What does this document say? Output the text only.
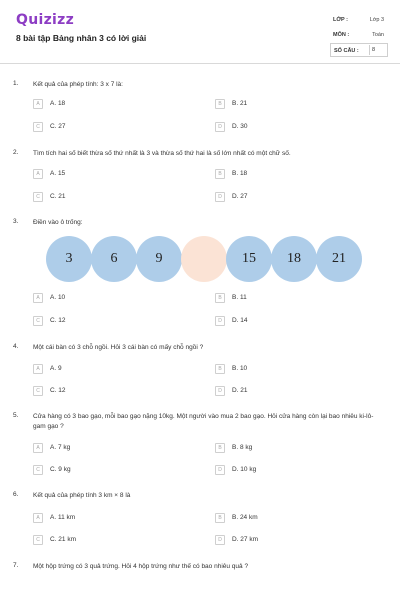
Quizizz
8 bài tập Bảng nhân 3 có lời giải
LỚP :	Lớp 3
MÔN :	Toán
SỐ CÂU : 8
1. Kết quả của phép tính: 3 x 7 là:
A	A. 18	B	B. 21
C	C. 27	D	D. 30
2. Tìm tích hai số biết thừa số thứ nhất là 3 và thừa số thứ hai là số lớn nhất có một chữ số.
A	A. 15	B	B. 18
C	C. 21	D	D. 27
3. Điền vào ô trống:
A	A. 10	B	B. 11
C	C. 12	D	D. 14
3	6	9	15	18	21
4. Một cái bàn có 3 chỗ ngồi. Hỏi 3 cái bàn có mấy chỗ ngồi ?
A	A. 9	B	B. 10
C	C. 12	D	D. 21
5. Cửa hàng có 3 bao gạo, mỗi bao gạo nặng 10kg. Một người vào mua 2 bao gạo. Hỏi cửa hàng còn lại bao nhiêu ki-lô-gam gạo ?
A	A. 7 kg	B	B. 8 kg
C	C. 9 kg	D	D. 10 kg
6. Kết quả của phép tính 3 km × 8 là
A	A. 11 km	B	B. 24 km
C	C. 21 km	D	D. 27 km
7. Một hộp trứng có 3 quả trứng. Hỏi 4 hộp trứng như thế có bao nhiêu quả ?
